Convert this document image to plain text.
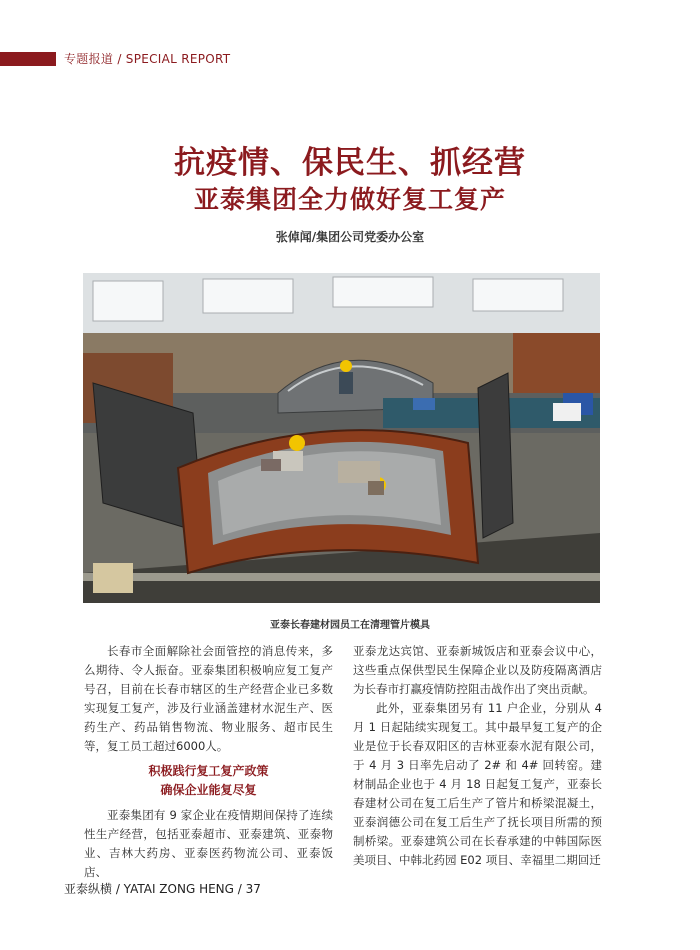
专题报道 / SPECIAL REPORT
抗疫情、保民生、抓经营
亚泰集团全力做好复工复产
张倬闻/集团公司党委办公室
亚泰长春建材园员工在清理管片模具

长春市全面解除社会面管控的消息传来，多么期待、令人振奋。亚泰集团积极响应复工复产号召，目前在长春市辖区的生产经营企业已多数实现复工复产，涉及行业涵盖建材水泥生产、医药生产、药品销售物流、物业服务、超市民生等，复工员工超过6000人。

积极践行复工复产政策
确保企业能复尽复

亚泰集团有 9 家企业在疫情期间保持了连续性生产经营，包括亚泰超市、亚泰建筑、亚泰物业、吉林大药房、亚泰医药物流公司、亚泰饭店、

亚泰龙达宾馆、亚泰新城饭店和亚泰会议中心，这些重点保供型民生保障企业以及防疫隔离酒店为长春市打赢疫情防控阻击战作出了突出贡献。

此外，亚泰集团另有 11 户企业，分别从 4 月 1 日起陆续实现复工。其中最早复工复产的企业是位于长春双阳区的吉林亚泰水泥有限公司，于 4 月 3 日率先启动了 2# 和 4# 回转窑。建材制品企业也于 4 月 18 日起复工复产，亚泰长春建材公司在复工后生产了管片和桥梁混凝土，亚泰润德公司在复工后生产了抚长项目所需的预制桥梁。亚泰建筑公司在长春承建的中韩国际医美项目、中韩北药园 E02 项目、幸福里二期回迁

亚泰纵横 / YATAI ZONG HENG / 37
